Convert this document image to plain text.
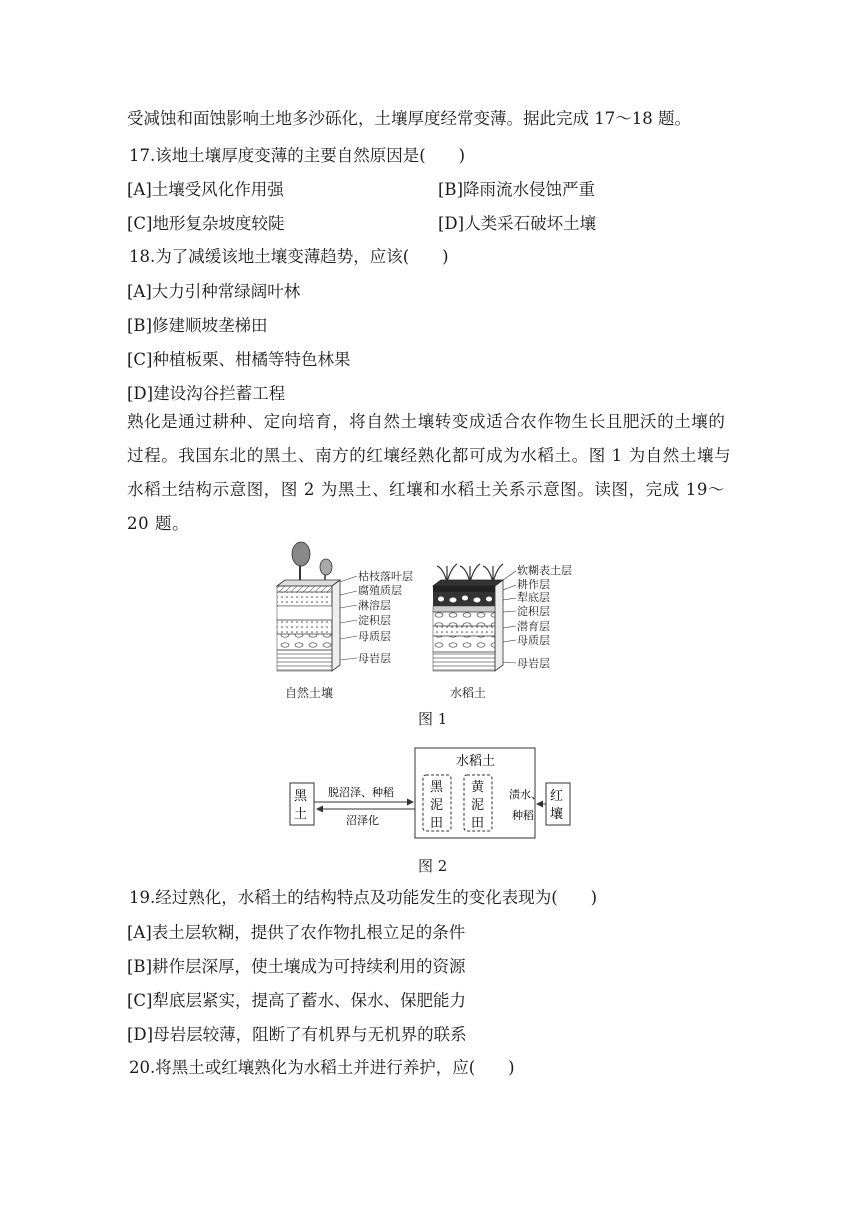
受减蚀和面蚀影响土地多沙砾化，土壤厚度经常变薄。据此完成 17～18 题。
17.该地土壤厚度变薄的主要自然原因是(　　)
[A]土壤受风化作用强	[B]降雨流水侵蚀严重
[C]地形复杂坡度较陡	[D]人类采石破坏土壤
18.为了减缓该地土壤变薄趋势，应该(　　)
[A]大力引种常绿阔叶林
[B]修建顺坡垄梯田
[C]种植板栗、柑橘等特色林果
[D]建设沟谷拦蓄工程
熟化是通过耕种、定向培育，将自然土壤转变成适合农作物生长且肥沃的土壤的过程。我国东北的黑土、南方的红壤经熟化都可成为水稻土。图 1 为自然土壤与水稻土结构示意图，图 2 为黑土、红壤和水稻土关系示意图。读图，完成 19～20 题。
枯枝落叶层
腐殖质层
淋溶层
淀积层
母质层
母岩层
自然土壤
软糊表土层
耕作层
犁底层
淀积层
潜育层
母质层
母岩层
水稻土
图 1
黑
土
红
壤
水稻土
黑
泥
田
黄
泥
田
脱沼泽、种稻
沼泽化
渍水、
种稻
图 2
19.经过熟化，水稻土的结构特点及功能发生的变化表现为(　　)
[A]表土层软糊，提供了农作物扎根立足的条件
[B]耕作层深厚，使土壤成为可持续利用的资源
[C]犁底层紧实，提高了蓄水、保水、保肥能力
[D]母岩层较薄，阻断了有机界与无机界的联系
20.将黑土或红壤熟化为水稻土并进行养护，应(　　)
